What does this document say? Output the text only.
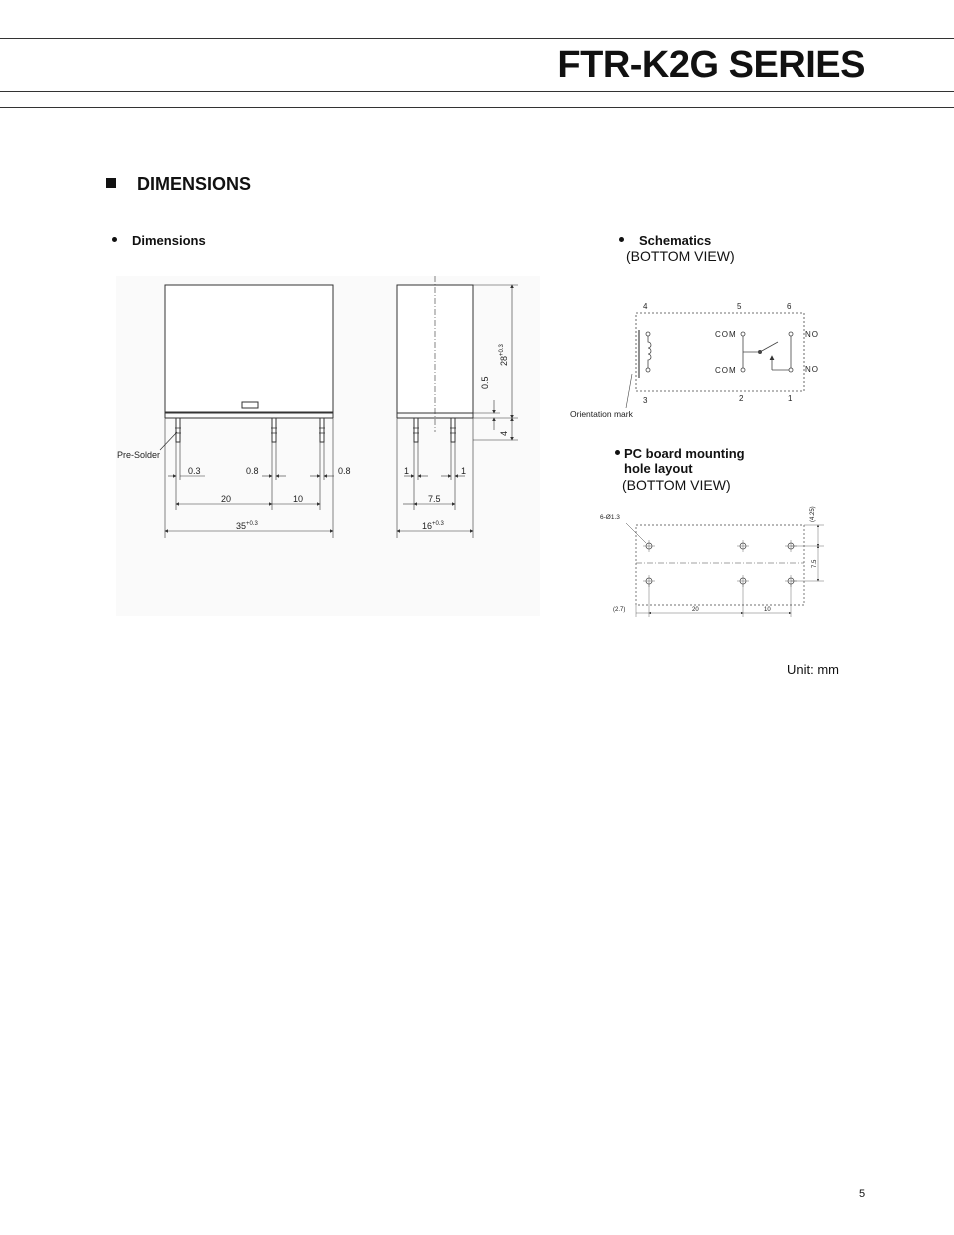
FTR-K2G SERIES
DIMENSIONS
Dimensions	Schematics
(BOTTOM VIEW)
PC board mounting
hole layout
(BOTTOM VIEW)
Unit: mm
5
Pre-Solder
0.3	0.8	0.8
20	10
$35^{+0.3}$
1	1
7.5
$16^{+0.3}$
$28^{+0.3}$
0.5
4
4	5	6
3	2	1
COM
COM
NO
NO
Orientation mark
6-Ø1.3	(4.25)
7.5
(2.7)	20	10
